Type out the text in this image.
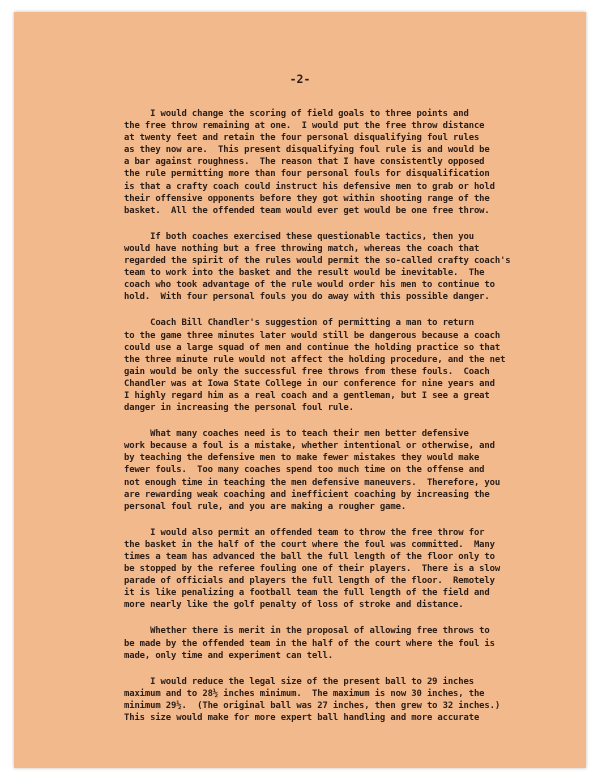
-2-
I would change the scoring of field goals to three points and
the free throw remaining at one.  I would put the free throw distance
at twenty feet and retain the four personal disqualifying foul rules
as they now are.  This present disqualifying foul rule is and would be
a bar against roughness.  The reason that I have consistently opposed
the rule permitting more than four personal fouls for disqualification
is that a crafty coach could instruct his defensive men to grab or hold
their offensive opponents before they got within shooting range of the
basket.  All the offended team would ever get would be one free throw.
If both coaches exercised these questionable tactics, then you
would have nothing but a free throwing match, whereas the coach that
regarded the spirit of the rules would permit the so-called crafty coach's
team to work into the basket and the result would be inevitable.  The
coach who took advantage of the rule would order his men to continue to
hold.  With four personal fouls you do away with this possible danger.
Coach Bill Chandler's suggestion of permitting a man to return
to the game three minutes later would still be dangerous because a coach
could use a large squad of men and continue the holding practice so that
the three minute rule would not affect the holding procedure, and the net
gain would be only the successful free throws from these fouls.  Coach
Chandler was at Iowa State College in our conference for nine years and
I highly regard him as a real coach and a gentleman, but I see a great
danger in increasing the personal foul rule.
What many coaches need is to teach their men better defensive
work because a foul is a mistake, whether intentional or otherwise, and
by teaching the defensive men to make fewer mistakes they would make
fewer fouls.  Too many coaches spend too much time on the offense and
not enough time in teaching the men defensive maneuvers.  Therefore, you
are rewarding weak coaching and inefficient coaching by increasing the
personal foul rule, and you are making a rougher game.
I would also permit an offended team to throw the free throw for
the basket in the half of the court where the foul was committed.  Many
times a team has advanced the ball the full length of the floor only to
be stopped by the referee fouling one of their players.  There is a slow
parade of officials and players the full length of the floor.  Remotely
it is like penalizing a football team the full length of the field and
more nearly like the golf penalty of loss of stroke and distance.
Whether there is merit in the proposal of allowing free throws to
be made by the offended team in the half of the court where the foul is
made, only time and experiment can tell.
I would reduce the legal size of the present ball to 29 inches
maximum and to 28½ inches minimum.  The maximum is now 30 inches, the
minimum 29½.  (The original ball was 27 inches, then grew to 32 inches.)
This size would make for more expert ball handling and more accurate
